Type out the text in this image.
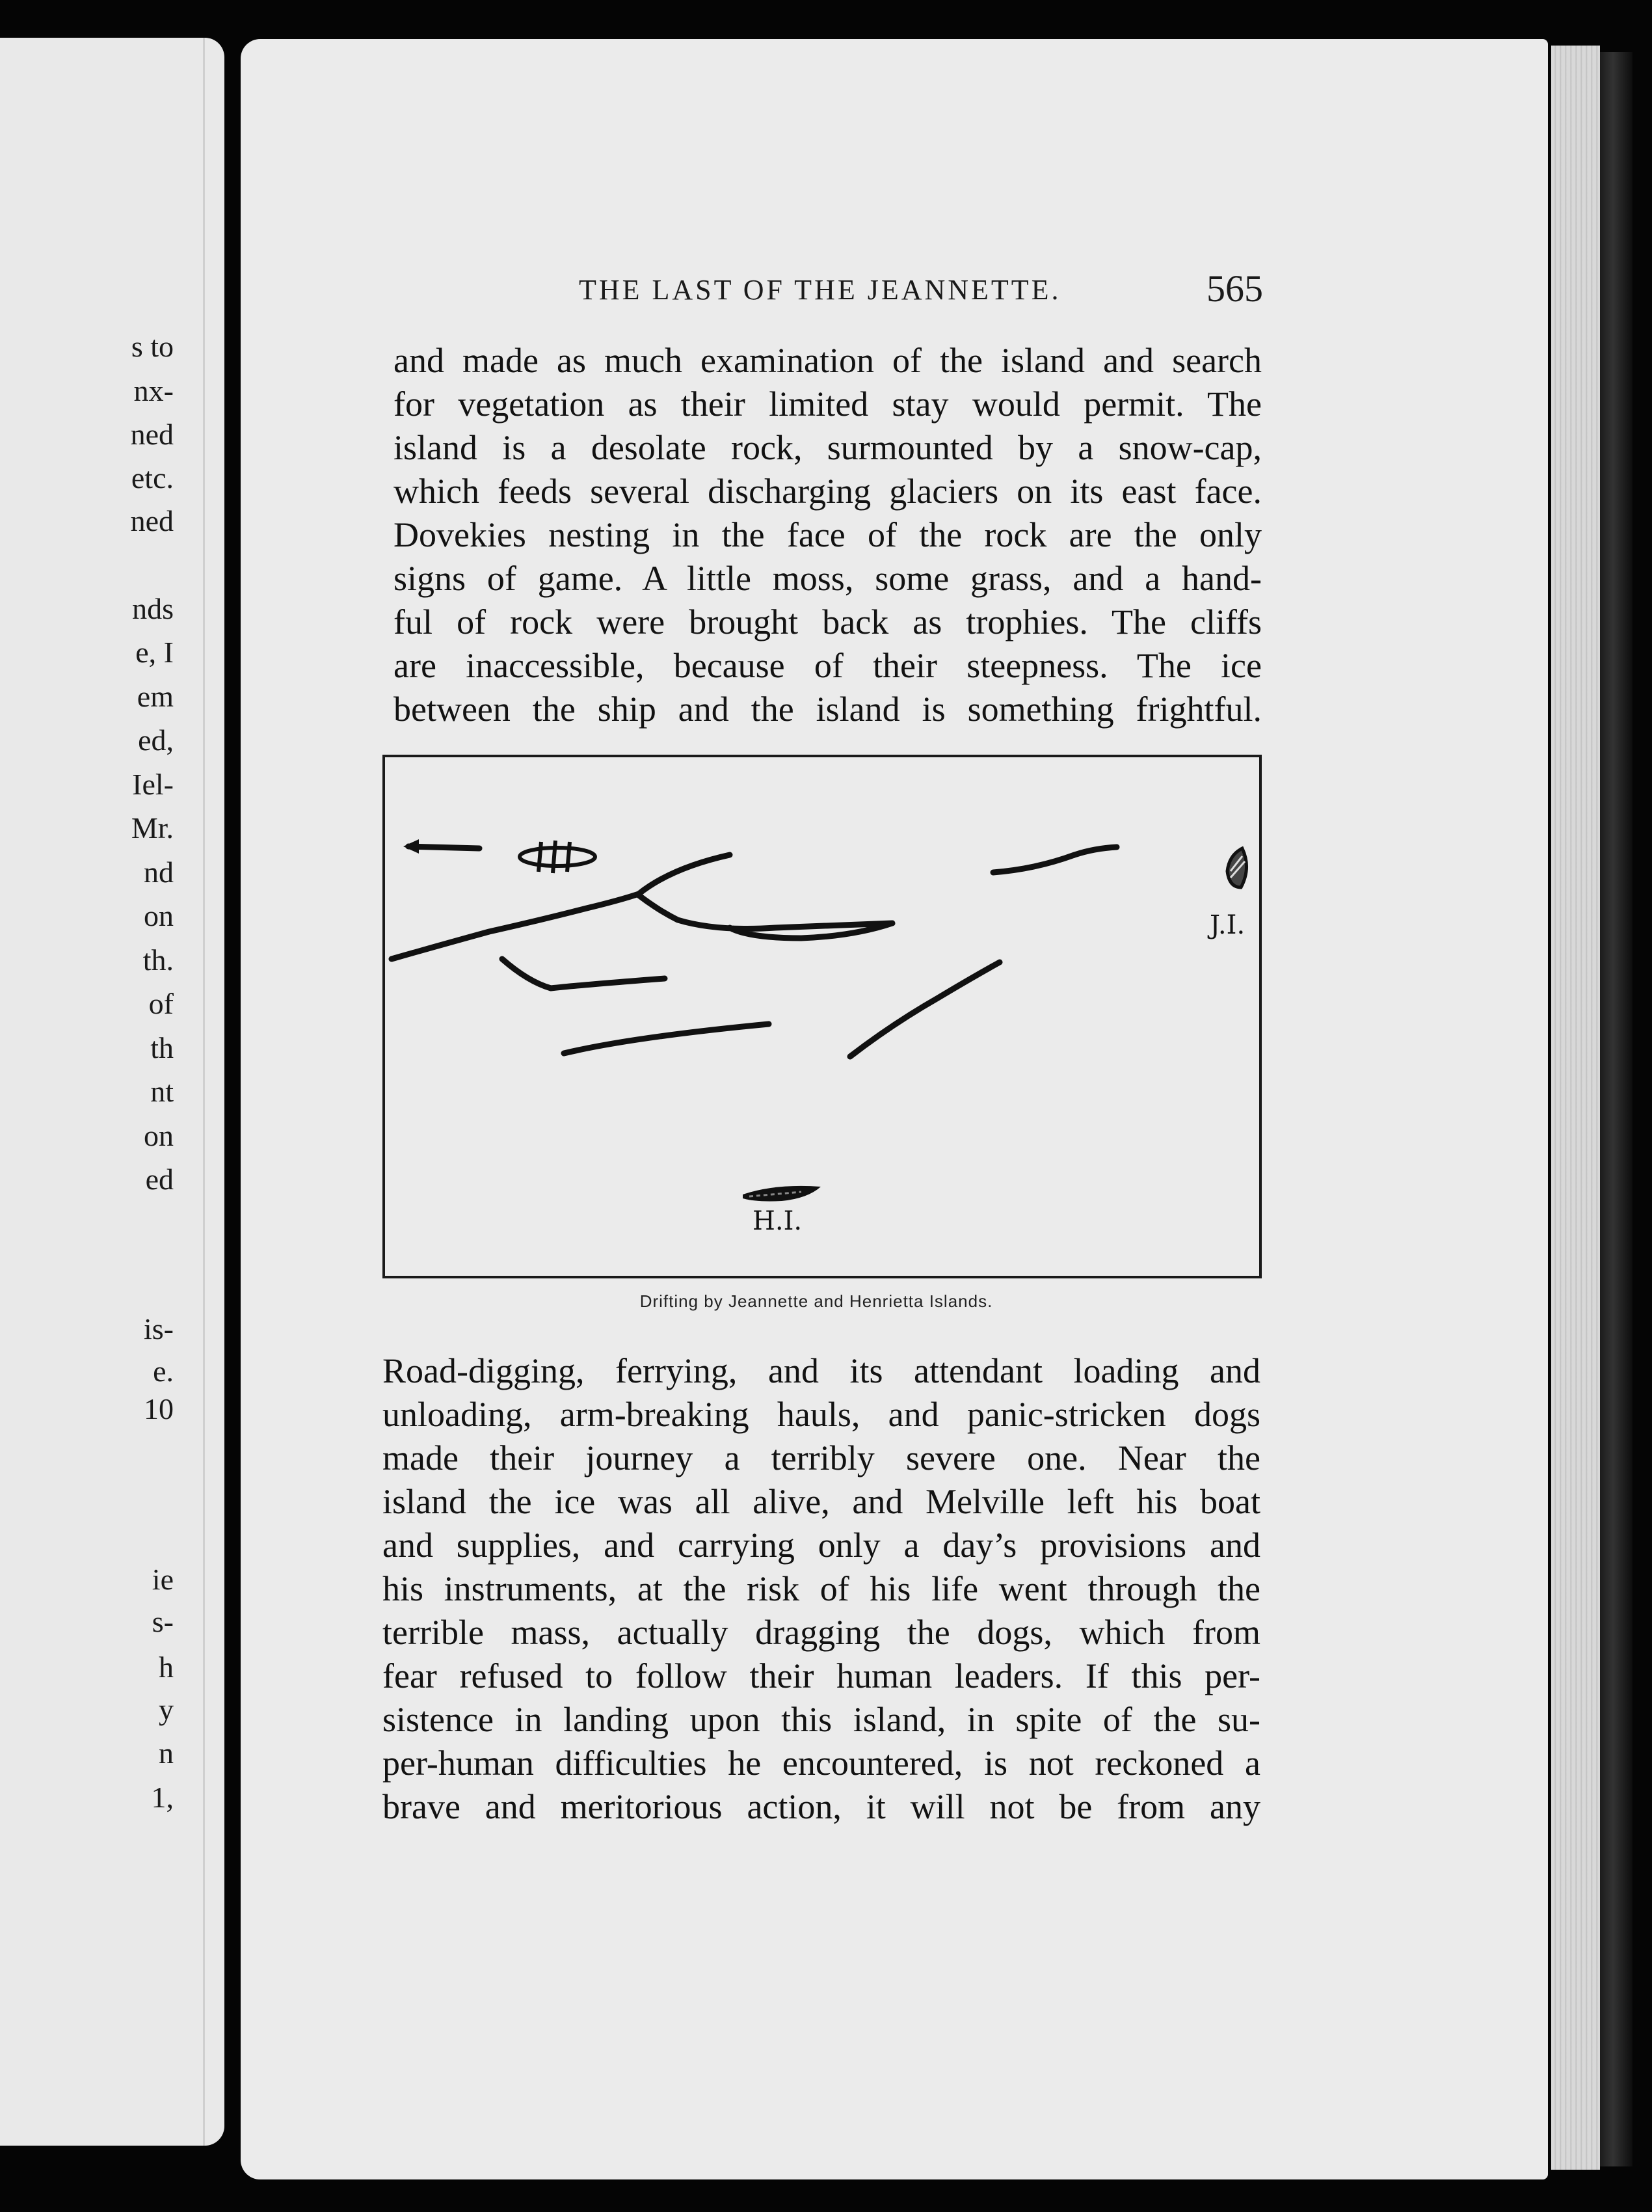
s to
nx-
ned
etc.
ned
nds
e, I
em
ed,
Iel-
Mr.
nd
on
th.
of
th
nt
on
ed
is-
e.
10
ie
s-
h
y
n
1,
THE LAST OF THE JEANNETTE.	565
and made as much examination of the island and search
for vegetation as their limited stay would permit. The
island is a desolate rock, surmounted by a snow-cap,
which feeds several discharging glaciers on its east face.
Dovekies nesting in the face of the rock are the only
signs of game. A little moss, some grass, and a hand-
ful of rock were brought back as trophies. The cliffs
are inaccessible, because of their steepness. The ice
between the ship and the island is something frightful.
J.I.
H.I.
Drifting by Jeannette and Henrietta Islands.
Road-digging, ferrying, and its attendant loading and
unloading, arm-breaking hauls, and panic-stricken dogs
made their journey a terribly severe one. Near the
island the ice was all alive, and Melville left his boat
and supplies, and carrying only a day’s provisions and
his instruments, at the risk of his life went through the
terrible mass, actually dragging the dogs, which from
fear refused to follow their human leaders. If this per-
sistence in landing upon this island, in spite of the su-
per-human difficulties he encountered, is not reckoned a
brave and meritorious action, it will not be from any
